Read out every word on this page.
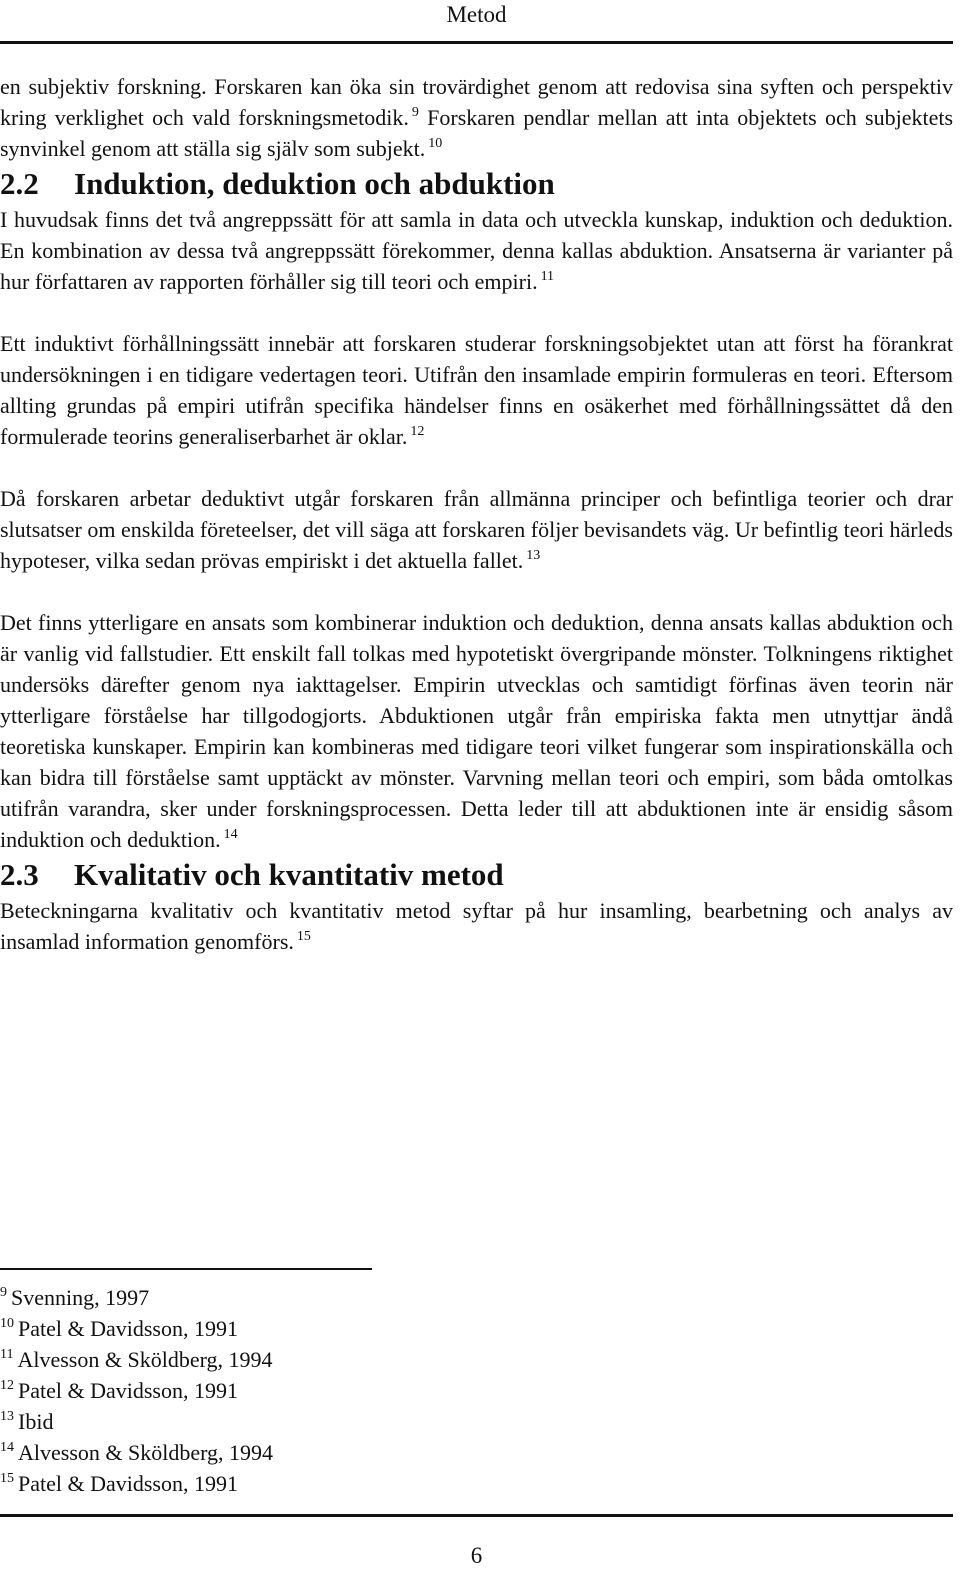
Metod

en subjektiv forskning. Forskaren kan öka sin trovärdighet genom att redovisa sina syften och perspektiv kring verklighet och vald forskningsmetodik. $^9$ Forskaren pendlar mellan att inta objektets och subjektets synvinkel genom att ställa sig själv som subjekt. $^{10}$

2.2	Induktion, deduktion och abduktion

I huvudsak finns det två angreppssätt för att samla in data och utveckla kunskap, induktion och deduktion. En kombination av dessa två angreppssätt förekommer, denna kallas abduktion. Ansatserna är varianter på hur författaren av rapporten förhåller sig till teori och empiri. $^{11}$

Ett induktivt förhållningssätt innebär att forskaren studerar forskningsobjektet utan att först ha förankrat undersökningen i en tidigare vedertagen teori. Utifrån den insamlade empirin formuleras en teori. Eftersom allting grundas på empiri utifrån specifika händelser finns en osäkerhet med förhållningssättet då den formulerade teorins generaliserbarhet är oklar. $^{12}$

Då forskaren arbetar deduktivt utgår forskaren från allmänna principer och befintliga teorier och drar slutsatser om enskilda företeelser, det vill säga att forskaren följer bevisandets väg. Ur befintlig teori härleds hypoteser, vilka sedan prövas empiriskt i det aktuella fallet. $^{13}$

Det finns ytterligare en ansats som kombinerar induktion och deduktion, denna ansats kallas abduktion och är vanlig vid fallstudier. Ett enskilt fall tolkas med hypotetiskt övergripande mönster. Tolkningens riktighet undersöks därefter genom nya iakttagelser. Empirin utvecklas och samtidigt förfinas även teorin när ytterligare förståelse har tillgodogjorts. Abduktionen utgår från empiriska fakta men utnyttjar ändå teoretiska kunskaper. Empirin kan kombineras med tidigare teori vilket fungerar som inspirationskälla och kan bidra till förståelse samt upptäckt av mönster. Varvning mellan teori och empiri, som båda omtolkas utifrån varandra, sker under forskningsprocessen. Detta leder till att abduktionen inte är ensidig såsom induktion och deduktion. $^{14}$

2.3	Kvalitativ och kvantitativ metod

Beteckningarna kvalitativ och kvantitativ metod syftar på hur insamling, bearbetning och analys av insamlad information genomförs. $^{15}$

$^9$ Svenning, 1997
$^{10}$ Patel & Davidsson, 1991
$^{11}$ Alvesson & Sköldberg, 1994
$^{12}$ Patel & Davidsson, 1991
$^{13}$ Ibid
$^{14}$ Alvesson & Sköldberg, 1994
$^{15}$ Patel & Davidsson, 1991
6
